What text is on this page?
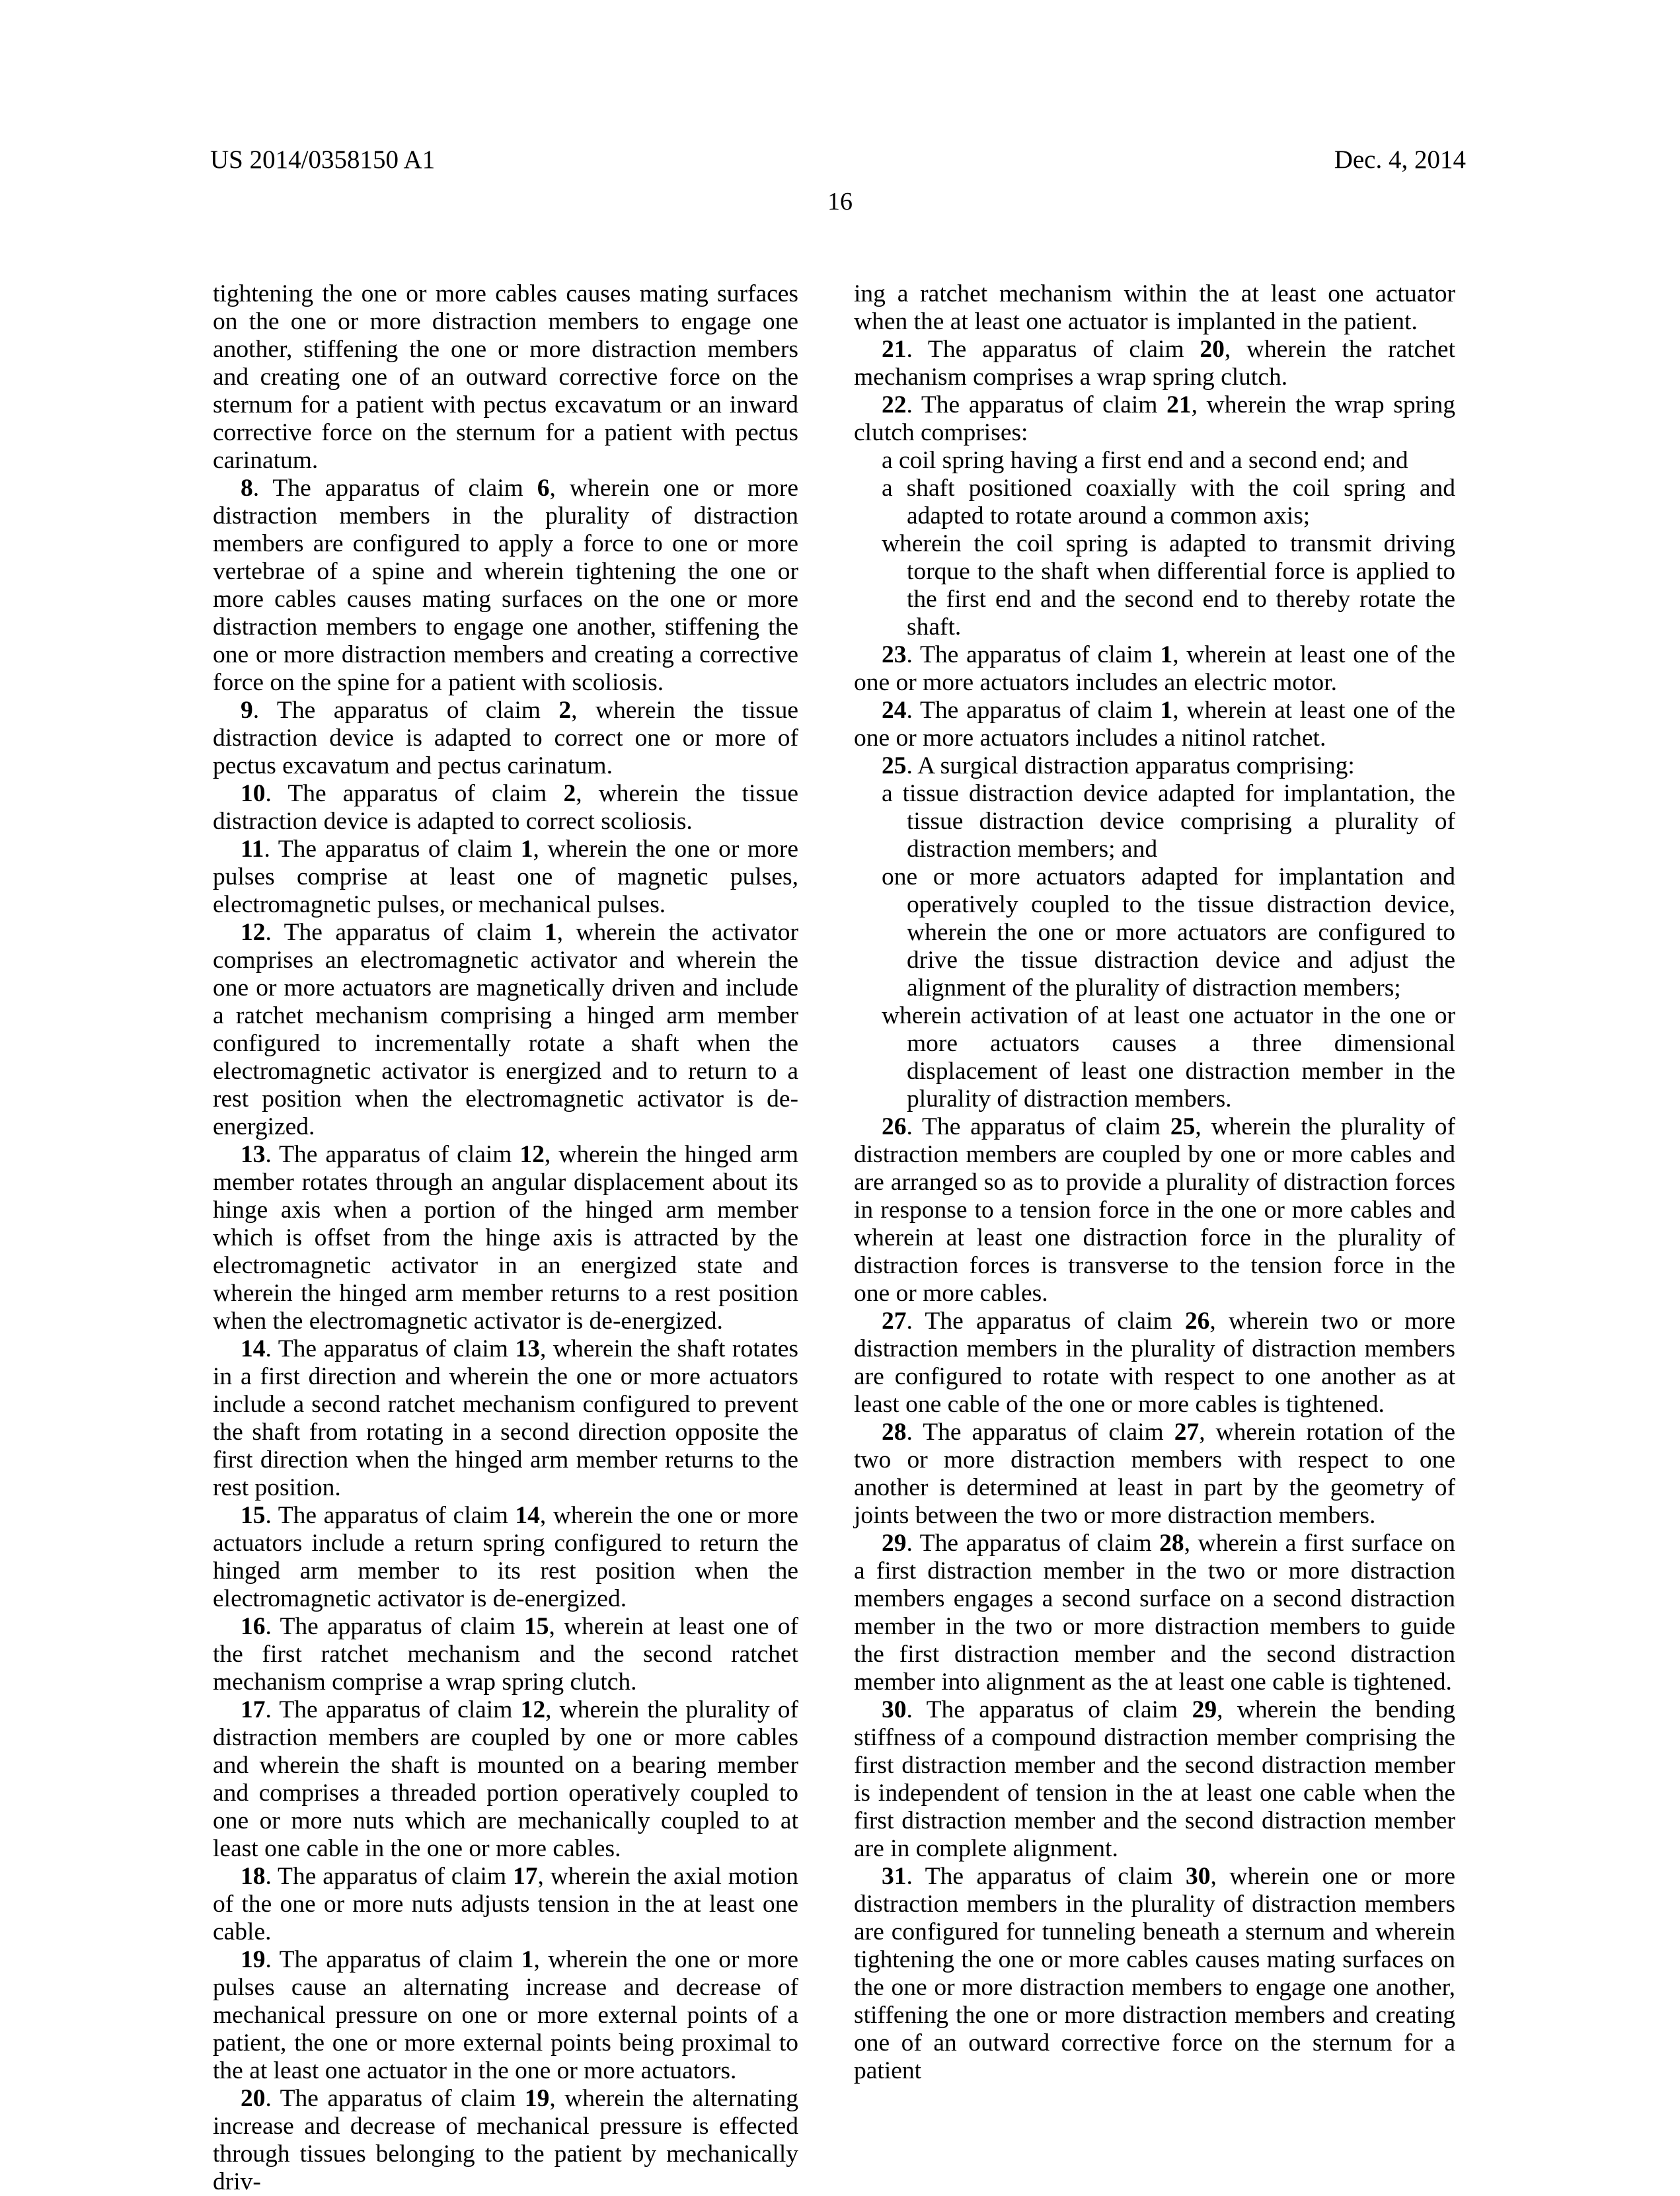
US 2014/0358150 A1	Dec. 4, 2014
16
tightening the one or more cables causes mating surfaces on the one or more distraction members to engage one another, stiffening the one or more distraction members and creating one of an outward corrective force on the sternum for a patient with pectus excavatum or an inward corrective force on the sternum for a patient with pectus carinatum.
8. The apparatus of claim 6, wherein one or more distraction members in the plurality of distraction members are configured to apply a force to one or more vertebrae of a spine and wherein tightening the one or more cables causes mating surfaces on the one or more distraction members to engage one another, stiffening the one or more distraction members and creating a corrective force on the spine for a patient with scoliosis.
9. The apparatus of claim 2, wherein the tissue distraction device is adapted to correct one or more of pectus excavatum and pectus carinatum.
10. The apparatus of claim 2, wherein the tissue distraction device is adapted to correct scoliosis.
11. The apparatus of claim 1, wherein the one or more pulses comprise at least one of magnetic pulses, electromagnetic pulses, or mechanical pulses.
12. The apparatus of claim 1, wherein the activator comprises an electromagnetic activator and wherein the one or more actuators are magnetically driven and include a ratchet mechanism comprising a hinged arm member configured to incrementally rotate a shaft when the electromagnetic activator is energized and to return to a rest position when the electromagnetic activator is de-energized.
13. The apparatus of claim 12, wherein the hinged arm member rotates through an angular displacement about its hinge axis when a portion of the hinged arm member which is offset from the hinge axis is attracted by the electromagnetic activator in an energized state and wherein the hinged arm member returns to a rest position when the electromagnetic activator is de-energized.
14. The apparatus of claim 13, wherein the shaft rotates in a first direction and wherein the one or more actuators include a second ratchet mechanism configured to prevent the shaft from rotating in a second direction opposite the first direction when the hinged arm member returns to the rest position.
15. The apparatus of claim 14, wherein the one or more actuators include a return spring configured to return the hinged arm member to its rest position when the electromagnetic activator is de-energized.
16. The apparatus of claim 15, wherein at least one of the first ratchet mechanism and the second ratchet mechanism comprise a wrap spring clutch.
17. The apparatus of claim 12, wherein the plurality of distraction members are coupled by one or more cables and wherein the shaft is mounted on a bearing member and comprises a threaded portion operatively coupled to one or more nuts which are mechanically coupled to at least one cable in the one or more cables.
18. The apparatus of claim 17, wherein the axial motion of the one or more nuts adjusts tension in the at least one cable.
19. The apparatus of claim 1, wherein the one or more pulses cause an alternating increase and decrease of mechanical pressure on one or more external points of a patient, the one or more external points being proximal to the at least one actuator in the one or more actuators.
20. The apparatus of claim 19, wherein the alternating increase and decrease of mechanical pressure is effected through tissues belonging to the patient by mechanically driv-
ing a ratchet mechanism within the at least one actuator when the at least one actuator is implanted in the patient.
21. The apparatus of claim 20, wherein the ratchet mechanism comprises a wrap spring clutch.
22. The apparatus of claim 21, wherein the wrap spring clutch comprises:
a coil spring having a first end and a second end; and
a shaft positioned coaxially with the coil spring and adapted to rotate around a common axis;
wherein the coil spring is adapted to transmit driving torque to the shaft when differential force is applied to the first end and the second end to thereby rotate the shaft.
23. The apparatus of claim 1, wherein at least one of the one or more actuators includes an electric motor.
24. The apparatus of claim 1, wherein at least one of the one or more actuators includes a nitinol ratchet.
25. A surgical distraction apparatus comprising:
a tissue distraction device adapted for implantation, the tissue distraction device comprising a plurality of distraction members; and
one or more actuators adapted for implantation and operatively coupled to the tissue distraction device, wherein the one or more actuators are configured to drive the tissue distraction device and adjust the alignment of the plurality of distraction members;
wherein activation of at least one actuator in the one or more actuators causes a three dimensional displacement of least one distraction member in the plurality of distraction members.
26. The apparatus of claim 25, wherein the plurality of distraction members are coupled by one or more cables and are arranged so as to provide a plurality of distraction forces in response to a tension force in the one or more cables and wherein at least one distraction force in the plurality of distraction forces is transverse to the tension force in the one or more cables.
27. The apparatus of claim 26, wherein two or more distraction members in the plurality of distraction members are configured to rotate with respect to one another as at least one cable of the one or more cables is tightened.
28. The apparatus of claim 27, wherein rotation of the two or more distraction members with respect to one another is determined at least in part by the geometry of joints between the two or more distraction members.
29. The apparatus of claim 28, wherein a first surface on a first distraction member in the two or more distraction members engages a second surface on a second distraction member in the two or more distraction members to guide the first distraction member and the second distraction member into alignment as the at least one cable is tightened.
30. The apparatus of claim 29, wherein the bending stiffness of a compound distraction member comprising the first distraction member and the second distraction member is independent of tension in the at least one cable when the first distraction member and the second distraction member are in complete alignment.
31. The apparatus of claim 30, wherein one or more distraction members in the plurality of distraction members are configured for tunneling beneath a sternum and wherein tightening the one or more cables causes mating surfaces on the one or more distraction members to engage one another, stiffening the one or more distraction members and creating one of an outward corrective force on the sternum for a patient
